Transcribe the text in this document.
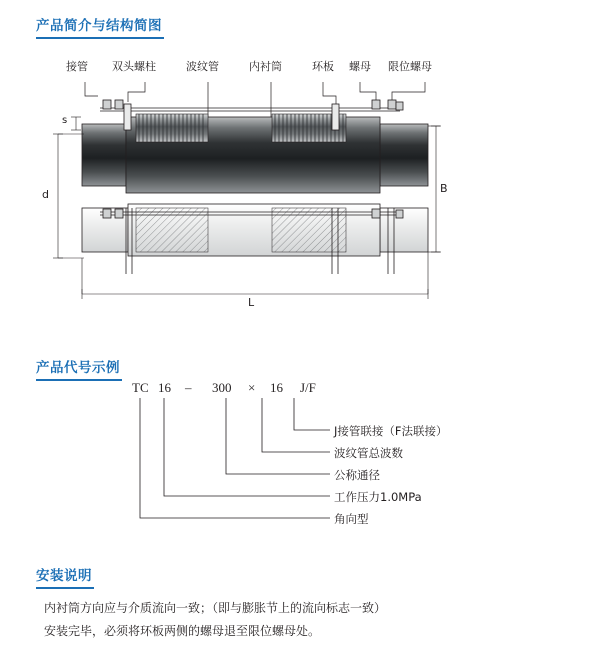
产品简介与结构简图
接管 双头螺柱	波纹管	内衬筒	环板 螺母 限位螺母
s
d	B
L
产品代号示例
TC 16 – 300 × 16 J/F
J接管联接（F法联接）
波纹管总波数
公称通径
工作压力1.0MPa
角向型
安装说明

内衬筒方向应与介质流向一致；（即与膨胀节上的流向标志一致）

安装完毕，必须将环板两侧的螺母退至限位螺母处。
